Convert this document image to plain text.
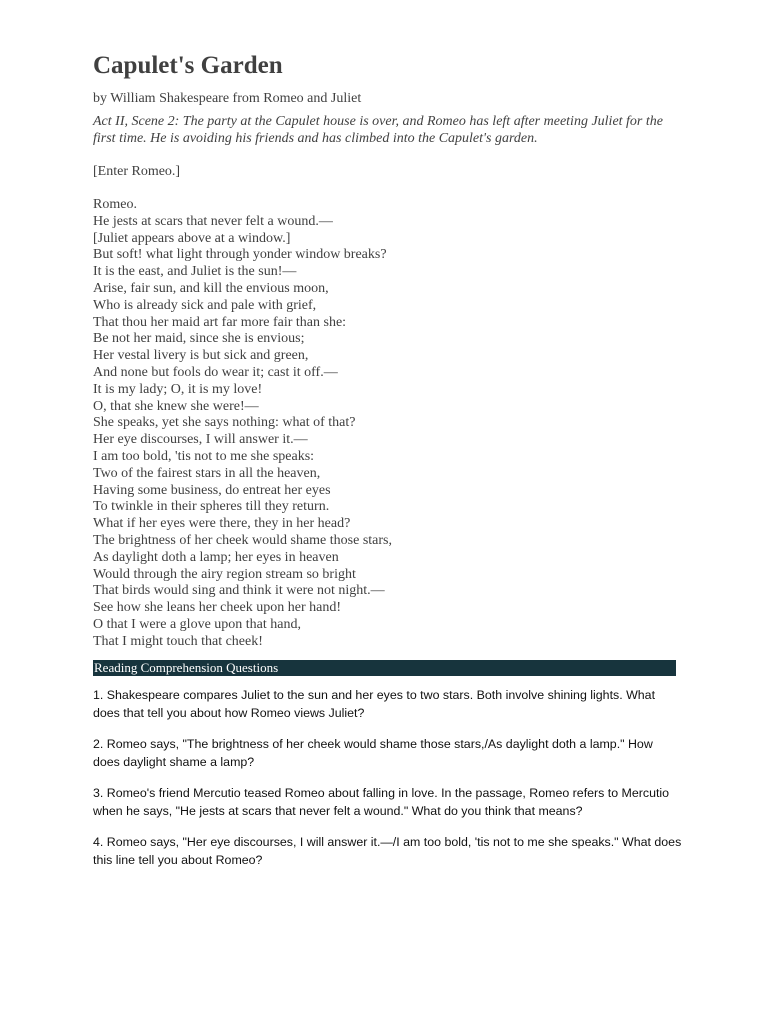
Capulet's Garden
by William Shakespeare from Romeo and Juliet
Act II, Scene 2: The party at the Capulet house is over, and Romeo has left after meeting Juliet for the first time. He is avoiding his friends and has climbed into the Capulet's garden.
[Enter Romeo.]
Romeo.
He jests at scars that never felt a wound.—
[Juliet appears above at a window.]
But soft! what light through yonder window breaks?
It is the east, and Juliet is the sun!—
Arise, fair sun, and kill the envious moon,
Who is already sick and pale with grief,
That thou her maid art far more fair than she:
Be not her maid, since she is envious;
Her vestal livery is but sick and green,
And none but fools do wear it; cast it off.—
It is my lady; O, it is my love!
O, that she knew she were!—
She speaks, yet she says nothing: what of that?
Her eye discourses, I will answer it.—
I am too bold, 'tis not to me she speaks:
Two of the fairest stars in all the heaven,
Having some business, do entreat her eyes
To twinkle in their spheres till they return.
What if her eyes were there, they in her head?
The brightness of her cheek would shame those stars,
As daylight doth a lamp; her eyes in heaven
Would through the airy region stream so bright
That birds would sing and think it were not night.—
See how she leans her cheek upon her hand!
O that I were a glove upon that hand,
That I might touch that cheek!
Reading Comprehension Questions
1. Shakespeare compares Juliet to the sun and her eyes to two stars. Both involve shining lights. What does that tell you about how Romeo views Juliet?
2. Romeo says, "The brightness of her cheek would shame those stars,/As daylight doth a lamp." How does daylight shame a lamp?
3. Romeo's friend Mercutio teased Romeo about falling in love. In the passage, Romeo refers to Mercutio when he says, "He jests at scars that never felt a wound." What do you think that means?
4. Romeo says, "Her eye discourses, I will answer it.—/I am too bold, 'tis not to me she speaks." What does this line tell you about Romeo?
